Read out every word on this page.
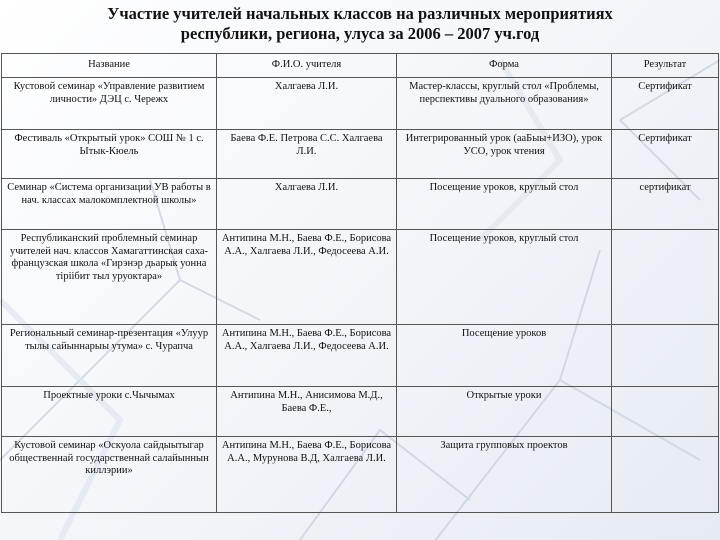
Участие учителей начальных классов на различных мероприятиях
республики, региона, улуса за 2006 – 2007 уч.год
Название	Ф.И.О. учителя	Форма	Результат
Кустовой семинар «Управление развитием личности» ДЭЦ с. Чережх	Халгаева Л.И.	Мастер-классы, круглый стол «Проблемы, перспективы дуального образования»	Сертификат
Фестиваль «Открытый урок» СОШ № 1 с. Ытык-Кюель	Баева Ф.Е. Петрова С.С. Халгаева Л.И.	Интегрированный урок (ааБыы+ИЗО), урок УСО, урок чтения	Сертификат
Семинар «Система организации УВ работы в нач. классах малокомплектной школы»	Халгаева Л.И.	Посещение уроков, круглый стол	сертификат
Республиканский проблемный семинар учителей нач. классов Хамагаттинская саха-французская школа «Гирэнэр дьарык уонна тiрiiбит тыл уруоктара»	Антипина М.Н., Баева Ф.Е., Борисова А.А., Халгаева Л.И., Федосеева А.И.	Посещение уроков, круглый стол	
Региональный семинар-презентация «Улуур тылы сайыннарыы утума» с. Чурапча	Антипина М.Н., Баева Ф.Е., Борисова А.А., Халгаева Л.И., Федосеева А.И.	Посещение уроков	
Проектные уроки с.Чычымах	Антипина М.Н., Анисимова М.Д., Баева Ф.Е.,	Открытые уроки	
Кустовой семинар «Оскуола сайдыытыгар общественнай государственнай салайыннын киллэрии»	Антипина М.Н., Баева Ф.Е., Борисова А.А., Мурунова В.Д, Халгаева Л.И.	Защита групповых проектов	
